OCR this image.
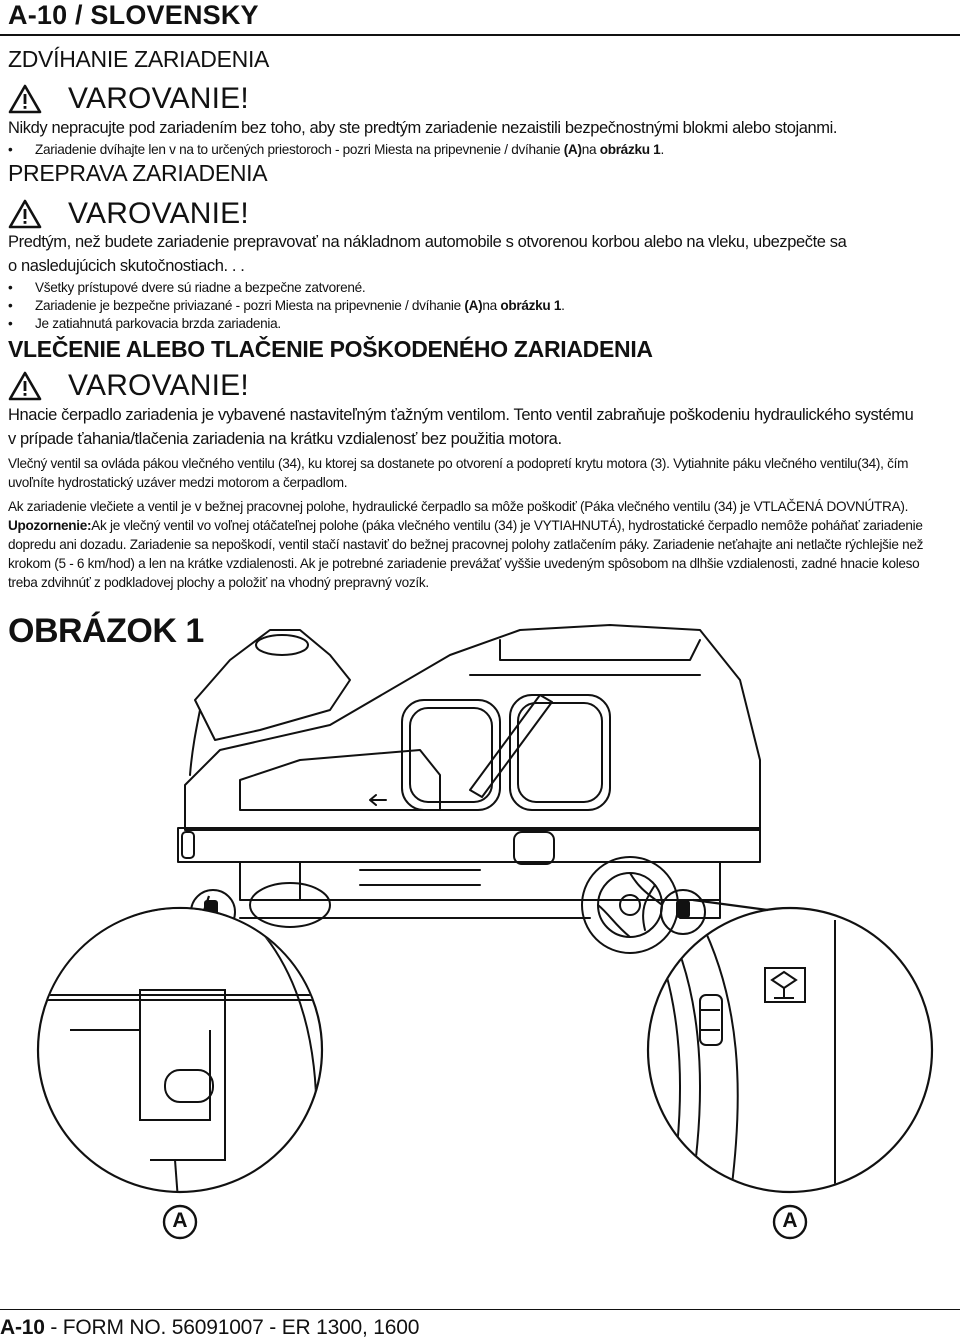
A-10 / SLOVENSKY
ZDVÍHANIE ZARIADENIA
VAROVANIE!
Nikdy nepracujte pod zariadením bez toho, aby ste predtým zariadenie nezaistili bezpečnostnými blokmi alebo stojanmi.
• Zariadenie dvíhajte len v na to určených priestoroch - pozri Miesta na pripevnenie / dvíhanie (A)na obrázku 1.
PREPRAVA ZARIADENIA
VAROVANIE!
Predtým, než budete zariadenie prepravovať na nákladnom automobile s otvorenou korbou alebo na vleku, ubezpečte sa
o nasledujúcich skutočnostiach. . .
• Všetky prístupové dvere sú riadne a bezpečne zatvorené.
• Zariadenie je bezpečne priviazané - pozri Miesta na pripevnenie / dvíhanie (A)na obrázku 1.
• Je zatiahnutá parkovacia brzda zariadenia.
VLEČENIE ALEBO TLAČENIE POŠKODENÉHO ZARIADENIA
VAROVANIE!
Hnacie čerpadlo zariadenia je vybavené nastaviteľným ťažným ventilom. Tento ventil zabraňuje poškodeniu hydraulického systému
v prípade ťahania/tlačenia zariadenia na krátku vzdialenosť bez použitia motora.
Vlečný ventil sa ovláda pákou vlečného ventilu (34), ku ktorej sa dostanete po otvorení a podopretí krytu motora (3). Vytiahnite páku vlečného ventilu(34), čím
uvoľníte hydrostatický uzáver medzi motorom a čerpadlom.
Ak zariadenie vlečiete a ventil je v bežnej pracovnej polohe, hydraulické čerpadlo sa môže poškodiť (Páka vlečného ventilu (34) je VTLAČENÁ DOVNÚTRA).
Upozornenie:Ak je vlečný ventil vo voľnej otáčateľnej polohe (páka vlečného ventilu (34) je VYTIAHNUTÁ), hydrostatické čerpadlo nemôže poháňať zariadenie
dopredu ani dozadu. Zariadenie sa nepoškodí, ventil stačí nastaviť do bežnej pracovnej polohy zatlačením páky. Zariadenie neťahajte ani netlačte rýchlejšie než
krokom (5 - 6 km/hod) a len na krátke vzdialenosti. Ak je potrebné zariadenie prevážať vyššie uvedeným spôsobom na dlhšie vzdialenosti, zadné hnacie koleso
treba zdvihnúť z podkladovej plochy a položiť na vhodný prepravný vozík.
OBRÁZOK 1
A	A
A-10 - FORM NO. 56091007 - ER 1300, 1600
